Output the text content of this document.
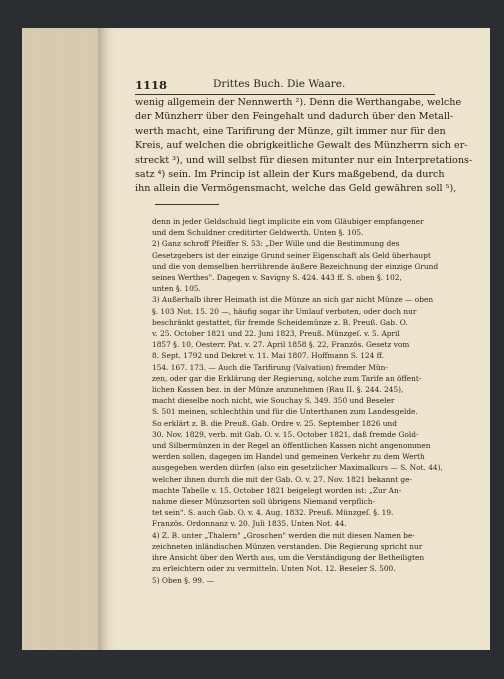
1118	Drittes Buch. Die Waare.
wenig allgemein der Nennwerth ²). Denn die Werthangabe, welche
der Münzherr über den Feingehalt und dadurch über den Metall-
werth macht, eine Tarifirung der Münze, gilt immer nur für den
Kreis, auf welchen die obrigkeitliche Gewalt des Münzherrn sich er-
streckt ³), und will selbst für diesen mitunter nur ein Interpretations-
satz ⁴) sein. Im Princip ist allein der Kurs maßgebend, da durch
ihn allein die Vermögensmacht, welche das Geld gewähren soll ⁵),
denn in jeder Geldschuld liegt implicite ein vom Gläubiger empfangener
und dem Schuldner creditirter Geldwerth. Unten §. 105.
2) Ganz schroff Pfeiffer S. 53: „Der Wille und die Bestimmung des
Gesetzgebers ist der einzige Grund seiner Eigenschaft als Geld überhaupt
und die von demselben herrührende äußere Bezeichnung der einzige Grund
seines Werthes". Dagegen v. Savigny S. 424. 443 ff. S. oben §. 102,
unten §. 105.
3) Außerhalb ihrer Heimath ist die Münze an sich gar nicht Münze — oben
§. 103 Not. 15. 20 —, häufig sogar ihr Umlauf verboten, oder doch nur
beschränkt gestattet, für fremde Scheidemünze z. B. Preuß. Gab. O.
v. 25. October 1821 und 22. Juni 1823, Preuß. Münzgeſ. v. 5. April
1857 §. 10, Oesterr. Pat. v. 27. April 1858 §. 22, Französ. Gesetz vom
8. Sept. 1792 und Dekret v. 11. Mai 1807. Hoffmann S. 124 ff.
154. 167. 173. — Auch die Tarifirung (Valvation) fremder Mün-
zen, oder gar die Erklärung der Regierung, solche zum Tarife an öffent-
lichen Kassen bez. in der Münze anzunehmen (Rau II. §. 244. 245),
macht dieselbe noch nicht, wie Souchay S. 349. 350 und Beseler
S. 501 meinen, schlechthin und für die Unterthanen zum Landesgelde.
So erklärt z. B. die Preuß. Gab. Ordre v. 25. September 1826 und
30. Nov. 1829, verb. mit Gab. O. v. 15. October 1821, daß fremde Gold-
und Silbermünzen in der Regel an öffentlichen Kassen nicht angenommen
werden sollen, dagegen im Handel und gemeinen Verkehr zu dem Werth
ausgegeben werden dürfen (also ein gesetzlicher Maximalkurs — S. Not. 44),
welcher ihnen durch die mit der Gab. O. v. 27. Nov. 1821 bekannt ge-
machte Tabelle v. 15. October 1821 beigelegt worden ist: „Zur An-
nahme dieser Münzsorten soll übrigens Niemand verpflich-
tet sein". S. auch Gab. O. v. 4. Aug. 1832. Preuß. Münzgeſ. §. 19.
Französ. Ordonnanz v. 20. Juli 1835. Unten Not. 44.
4) Z. B. unter „Thalern" „Groschen" werden die mit diesen Namen be-
zeichneten inländischen Münzen verstanden. Die Regierung spricht nur
ihre Ansicht über den Werth aus, um die Verständigung der Betheiligten
zu erleichtern oder zu vermitteln. Unten Not. 12. Beseler S. 500.
5) Oben §. 99. —
